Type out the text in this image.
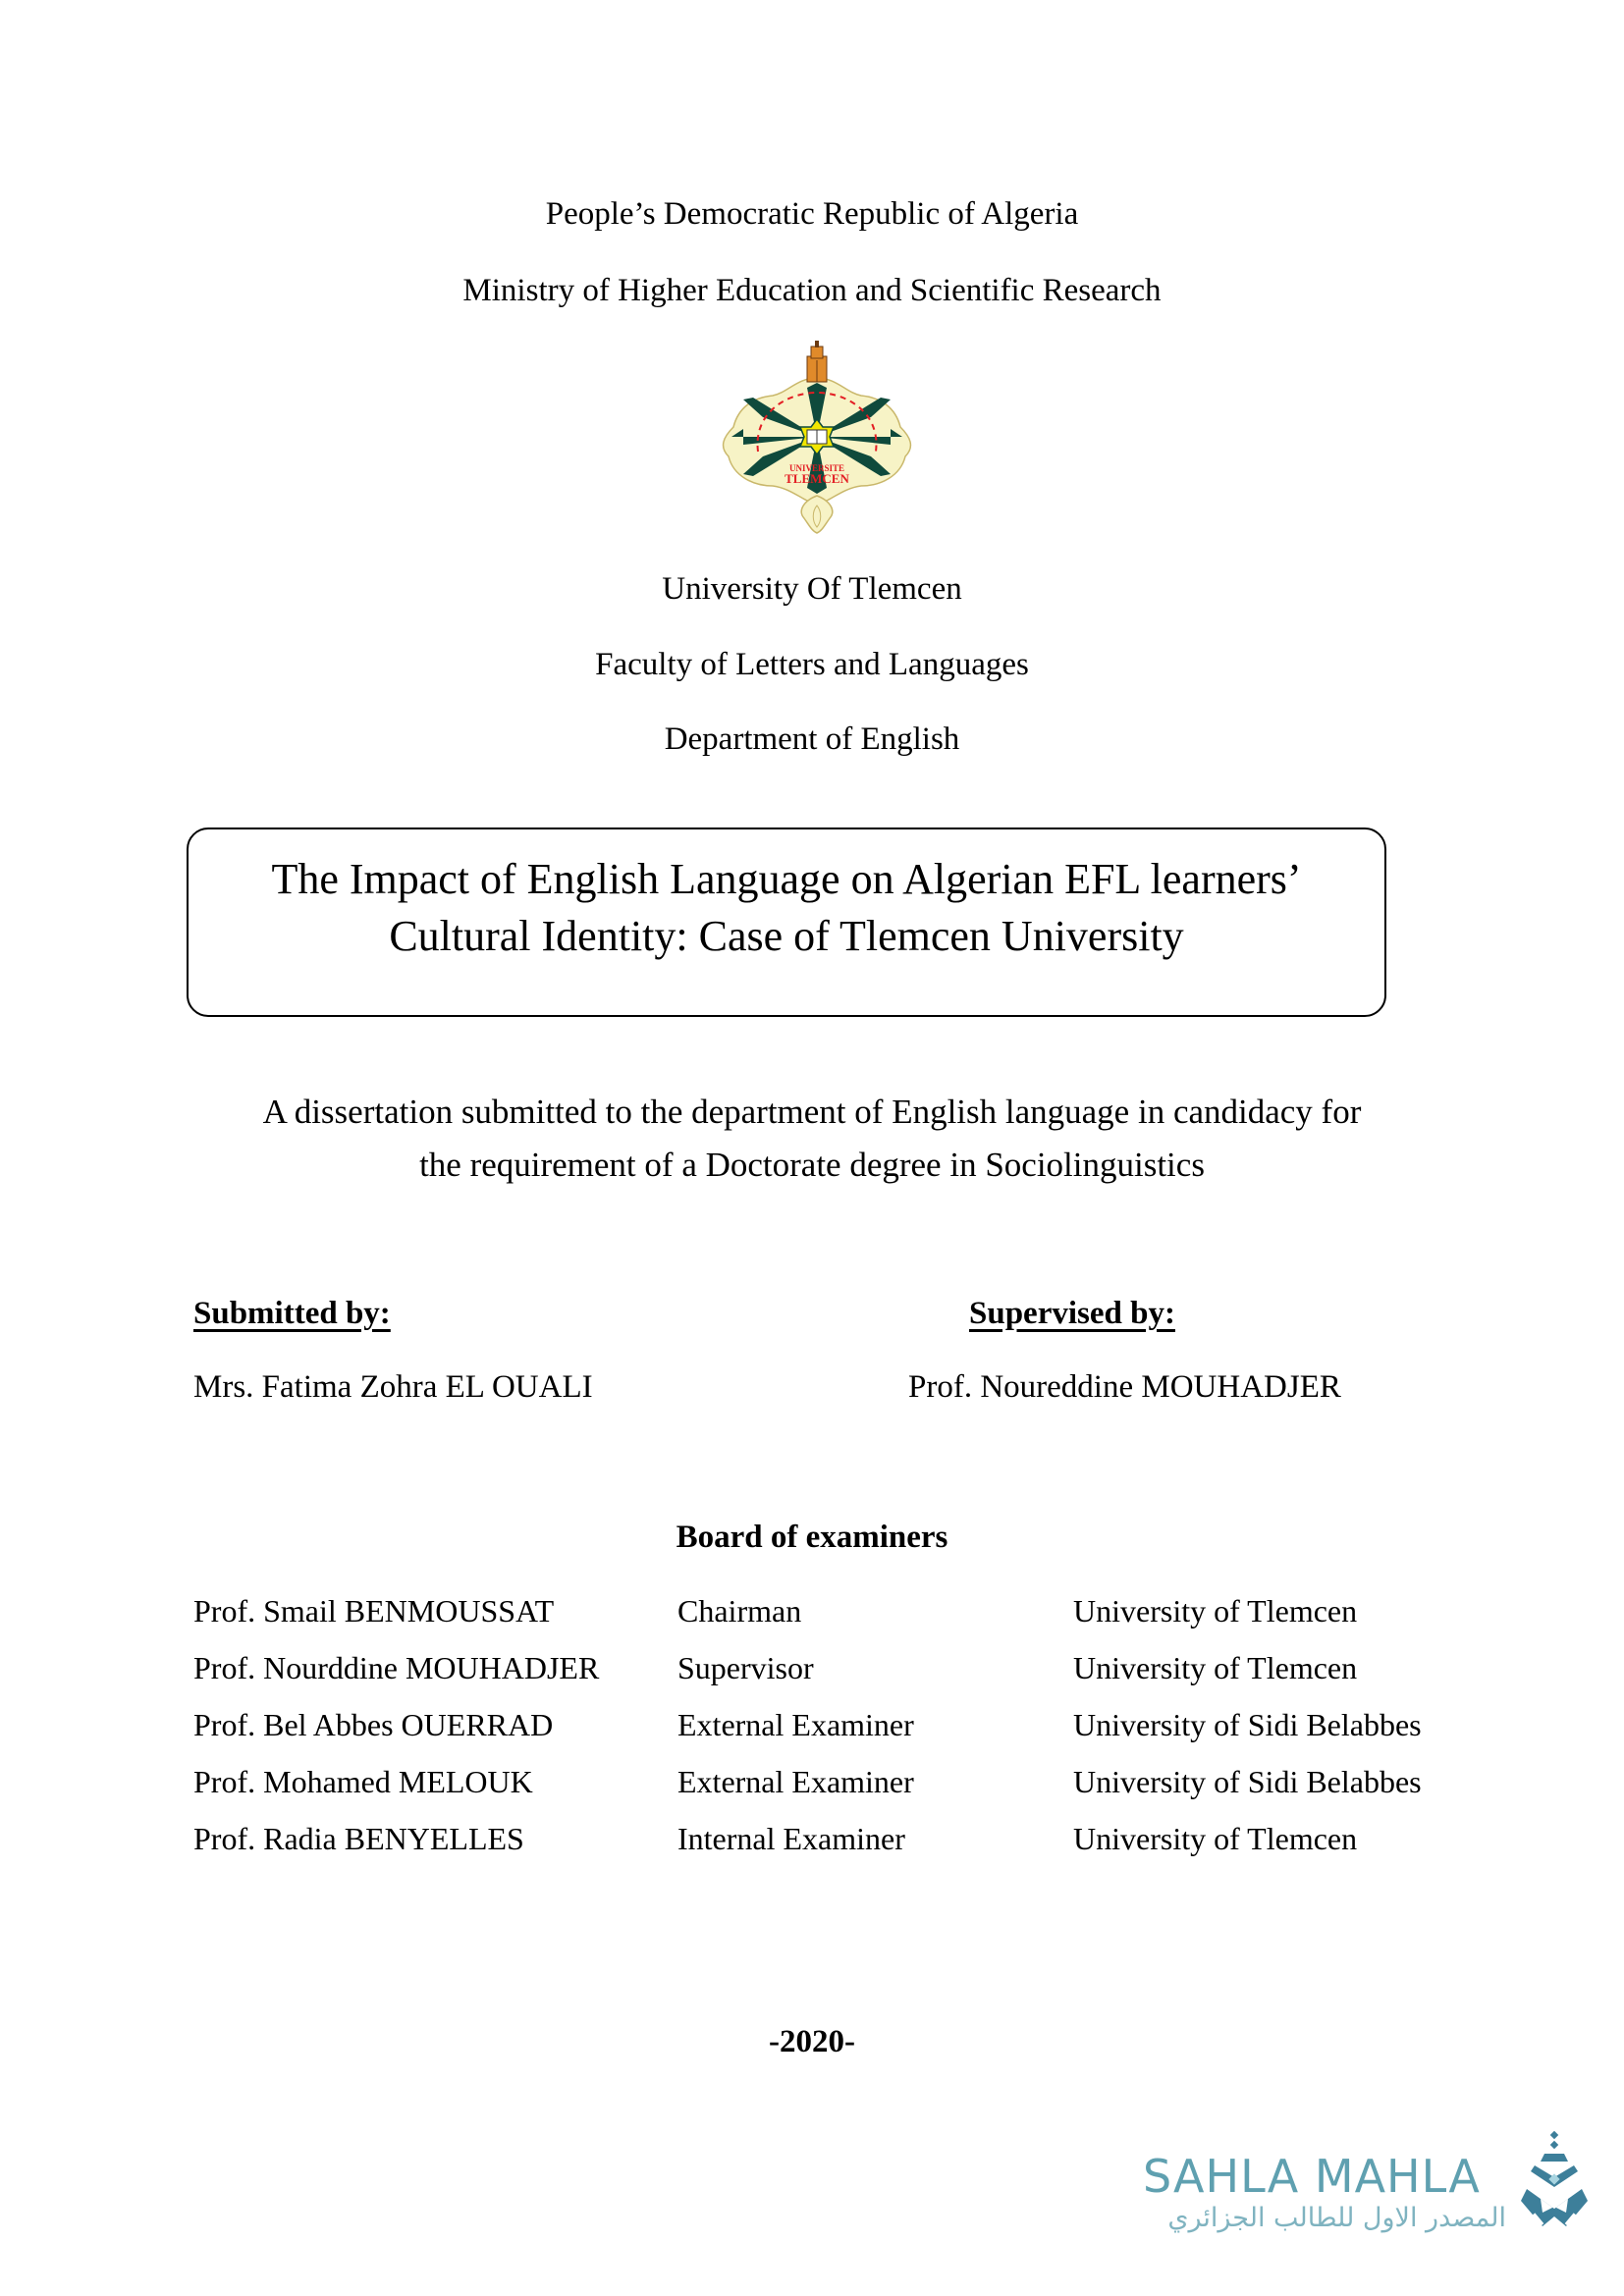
People’s Democratic Republic of Algeria
Ministry of Higher Education and Scientific Research
UNIVERSITE
TLEMCEN
University Of Tlemcen
Faculty of Letters and Languages
Department of English
The Impact of English Language on Algerian EFL learners’
Cultural Identity: Case of Tlemcen University
A dissertation submitted to the department of English language in candidacy for
the requirement of a Doctorate degree in Sociolinguistics
Submitted by:	Supervised by:
Mrs. Fatima Zohra EL OUALI	Prof. Noureddine MOUHADJER
Board of examiners
Prof. Smail BENMOUSSAT	Chairman	University of Tlemcen
Prof. Nourddine MOUHADJER Supervisor	University of Tlemcen
Prof. Bel Abbes OUERRAD	External Examiner	University of Sidi Belabbes
Prof. Mohamed MELOUK	External Examiner	University of Sidi Belabbes
Prof. Radia BENYELLES	Internal Examiner	University of Tlemcen
-2020-
SAHLA MAHLA
المصدر الاول للطالب الجزائري
